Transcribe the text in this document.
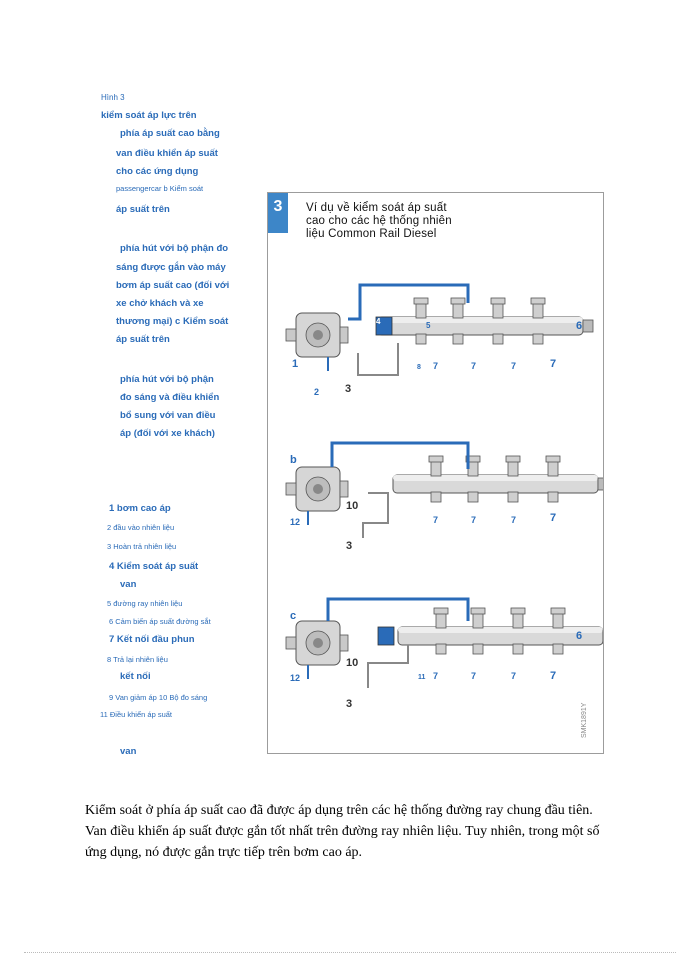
Hình 3
kiểm soát áp lực trên
phía áp suất cao bằng
van điều khiển áp suất
cho các ứng dụng
passengercar b Kiểm soát
áp suất trên
phía hút với bộ phận đo
sáng được gắn vào máy
bơm áp suất cao (đối với
xe chở khách và xe
thương mại) c Kiểm soát
áp suất trên
phía hút với bộ phận
đo sáng và điều khiển
bổ sung với van điều
áp (đối với xe khách)
1 bơm cao áp
2 đầu vào nhiên liệu
3 Hoàn trả nhiên liệu
4 Kiểm soát áp suất
van
5 đường ray nhiên liệu
6 Cảm biến áp suất đường sắt
7 Kết nối đầu phun
8 Trả lại nhiên liệu
kết nối
9 Van giảm áp 10 Bộ đo sáng
11 Điều khiển áp suất
van
3	Ví dụ về kiểm soát áp suất
cao cho các hệ thống nhiên
liệu Common Rail Diesel
1
2 3
4	5	6
7	7	7	7
8
b
3
7	7	7	7
10
12
c
3
6
7	7	7	7
10
12	11
SMK1891Y

Kiểm soát ở phía áp suất cao đã được áp dụng trên các hệ thống đường ray chung đầu tiên. Van điều khiển áp suất được gắn tốt nhất trên đường ray nhiên liệu. Tuy nhiên, trong một số ứng dụng, nó được gắn trực tiếp trên bơm cao áp.
